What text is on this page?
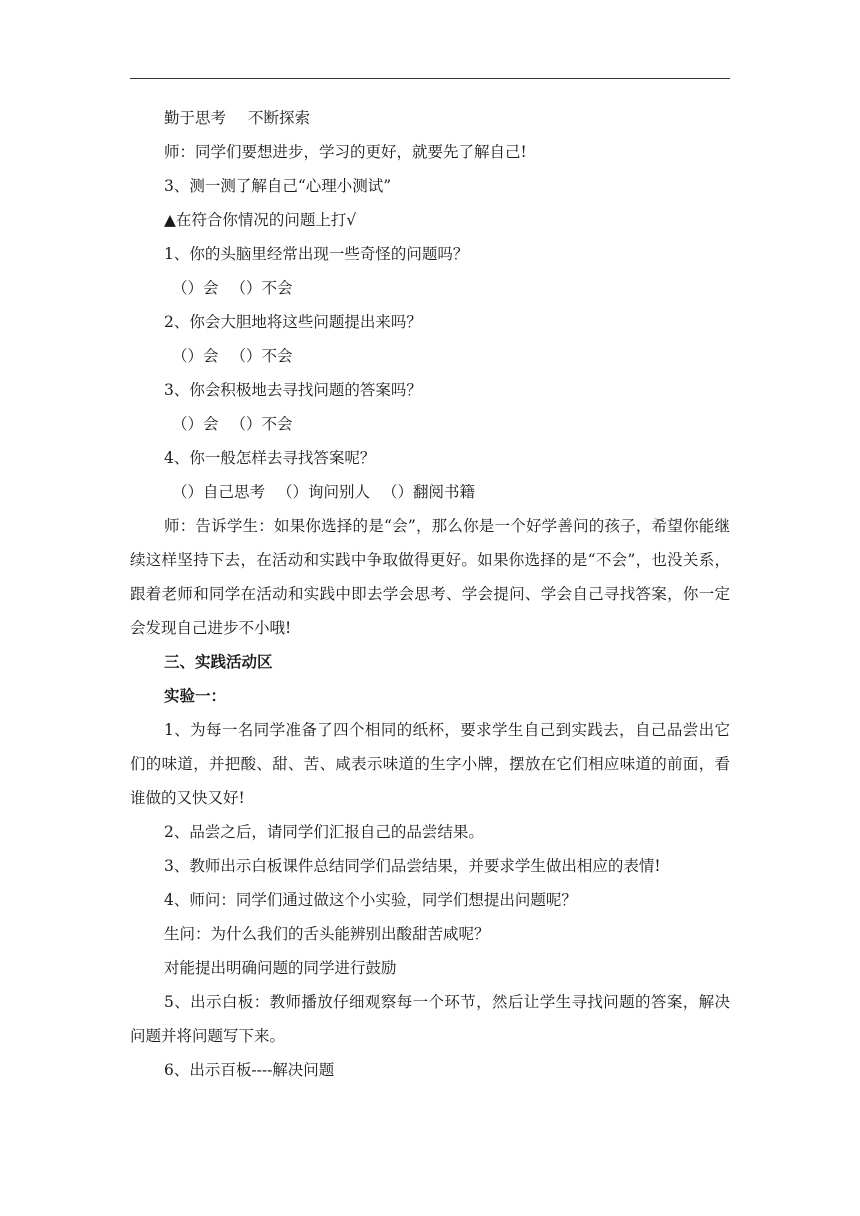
勤于思考 不断探索
师：同学们要想进步，学习的更好，就要先了解自己!
3、测一测了解自己“心理小测试”
▲在符合你情况的问题上打√
1、你的头脑里经常出现一些奇怪的问题吗？
（）会 （）不会
2、你会大胆地将这些问题提出来吗？
（）会 （）不会
3、你会积极地去寻找问题的答案吗？
（）会 （）不会
4、你一般怎样去寻找答案呢？
（）自己思考 （）询问别人 （）翻阅书籍
师：告诉学生：如果你选择的是“会”，那么你是一个好学善问的孩子，希望你能继续这样坚持下去，在活动和实践中争取做得更好。如果你选择的是“不会”，也没关系，跟着老师和同学在活动和实践中即去学会思考、学会提问、学会自己寻找答案，你一定会发现自己进步不小哦!
三、实践活动区
实验一：
1、为每一名同学准备了四个相同的纸杯，要求学生自己到实践去，自己品尝出它们的味道，并把酸、甜、苦、咸表示味道的生字小牌，摆放在它们相应味道的前面，看谁做的又快又好!
2、品尝之后，请同学们汇报自己的品尝结果。
3、教师出示白板课件总结同学们品尝结果，并要求学生做出相应的表情!
4、师问：同学们通过做这个小实验，同学们想提出问题呢？
生问：为什么我们的舌头能辨别出酸甜苦咸呢？
对能提出明确问题的同学进行鼓励
5、出示白板：教师播放仔细观察每一个环节，然后让学生寻找问题的答案，解决问题并将问题写下来。
6、出示百板----解决问题
